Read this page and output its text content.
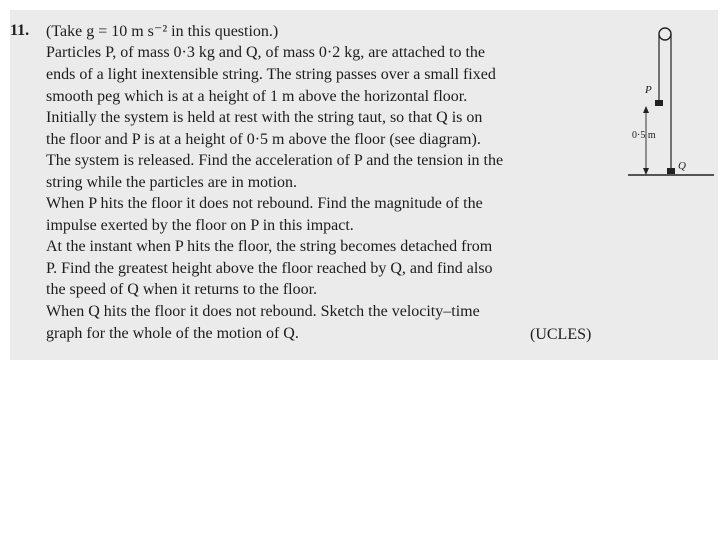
11. (Take g = 10 m s⁻² in this question.)
Particles P, of mass 0·3 kg and Q, of mass 0·2 kg, are attached to the
ends of a light inextensible string. The string passes over a small fixed
smooth peg which is at a height of 1 m above the horizontal floor.
Initially the system is held at rest with the string taut, so that Q is on
the floor and P is at a height of 0·5 m above the floor (see diagram).
The system is released. Find the acceleration of P and the tension in the
string while the particles are in motion.
When P hits the floor it does not rebound. Find the magnitude of the
impulse exerted by the floor on P in this impact.
At the instant when P hits the floor, the string becomes detached from
P. Find the greatest height above the floor reached by Q, and find also
the speed of Q when it returns to the floor.
When Q hits the floor it does not rebound. Sketch the velocity–time
graph for the whole of the motion of Q.	(UCLES)
P
Q
0·5 m
